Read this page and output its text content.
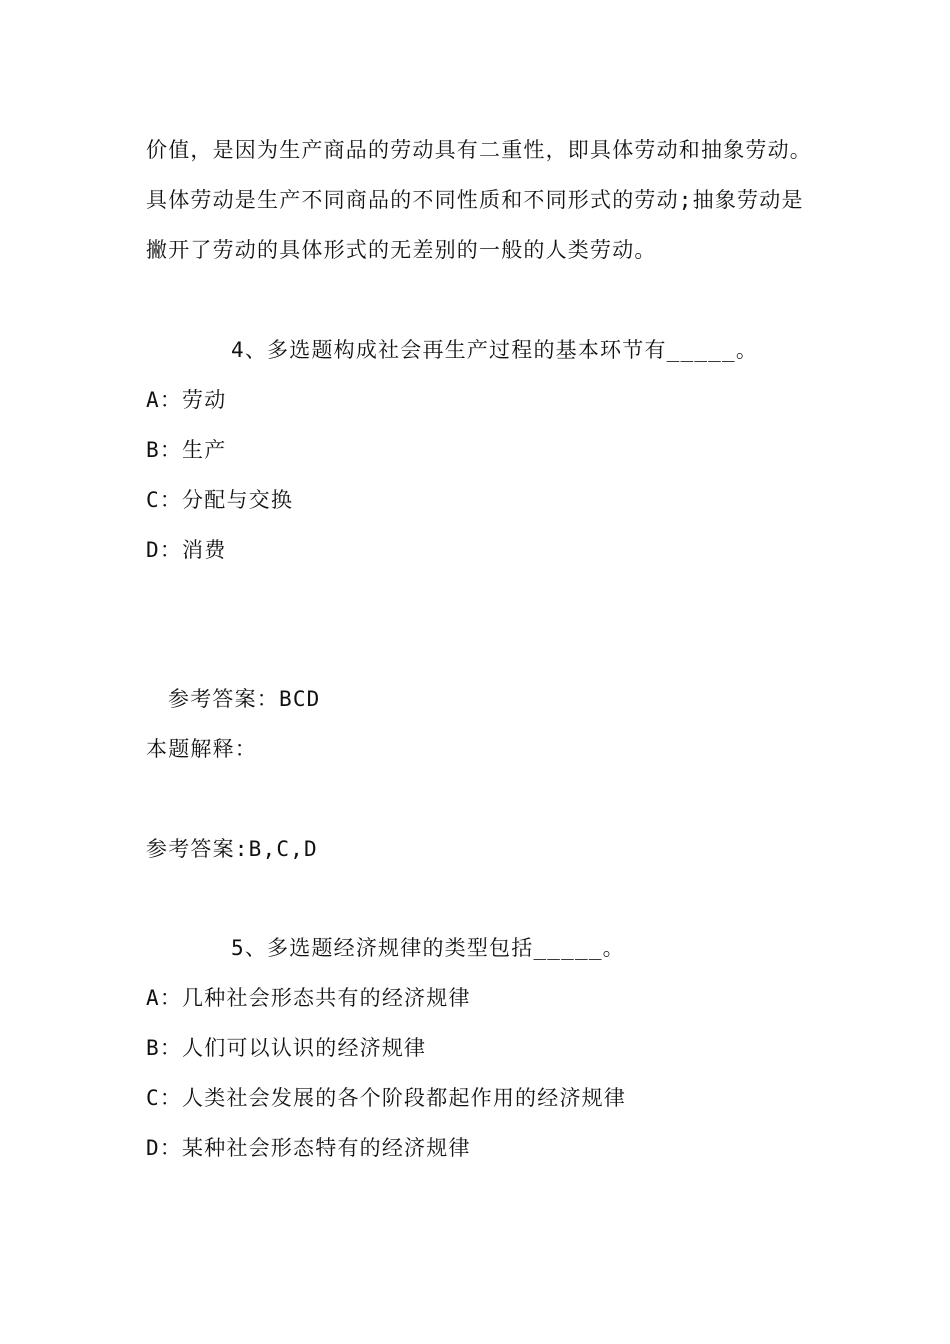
价值，是因为生产商品的劳动具有二重性，即具体劳动和抽象劳动。
具体劳动是生产不同商品的不同性质和不同形式的劳动;抽象劳动是
撇开了劳动的具体形式的无差别的一般的人类劳动。
4、多选题构成社会再生产过程的基本环节有_____。
A：劳动
B：生产
C：分配与交换
D：消费
参考答案：BCD
本题解释：
参考答案:B,C,D
5、多选题经济规律的类型包括_____。
A：几种社会形态共有的经济规律
B：人们可以认识的经济规律
C：人类社会发展的各个阶段都起作用的经济规律
D：某种社会形态特有的经济规律
